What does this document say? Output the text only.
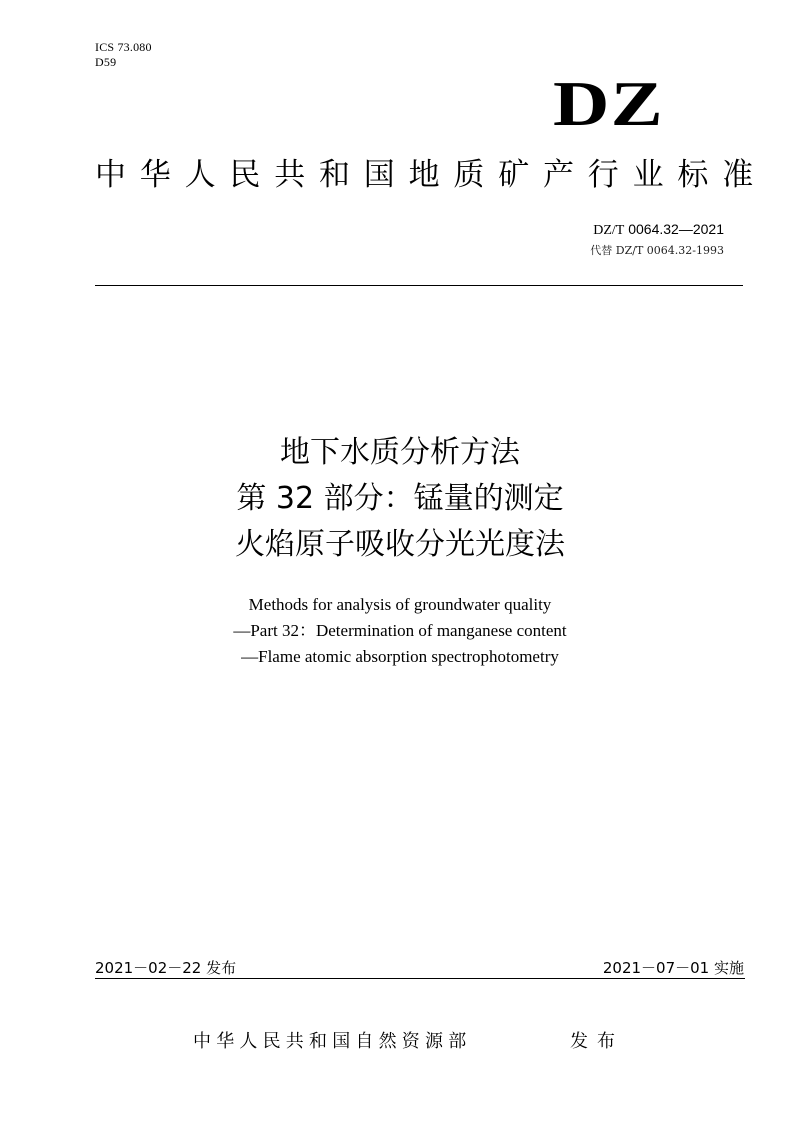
ICS 73.080
D59
DZ
中华人民共和国地质矿产行业标准
DZ/T 0064.32—2021
代替 DZ/T 0064.32-1993
地下水质分析方法
第 32 部分：锰量的测定
火焰原子吸收分光光度法
Methods for analysis of groundwater quality
—Part 32：Determination of manganese content
—Flame atomic absorption spectrophotometry
2021－02－22 发布	2021－07－01 实施
中华人民共和国自然资源部	发布
